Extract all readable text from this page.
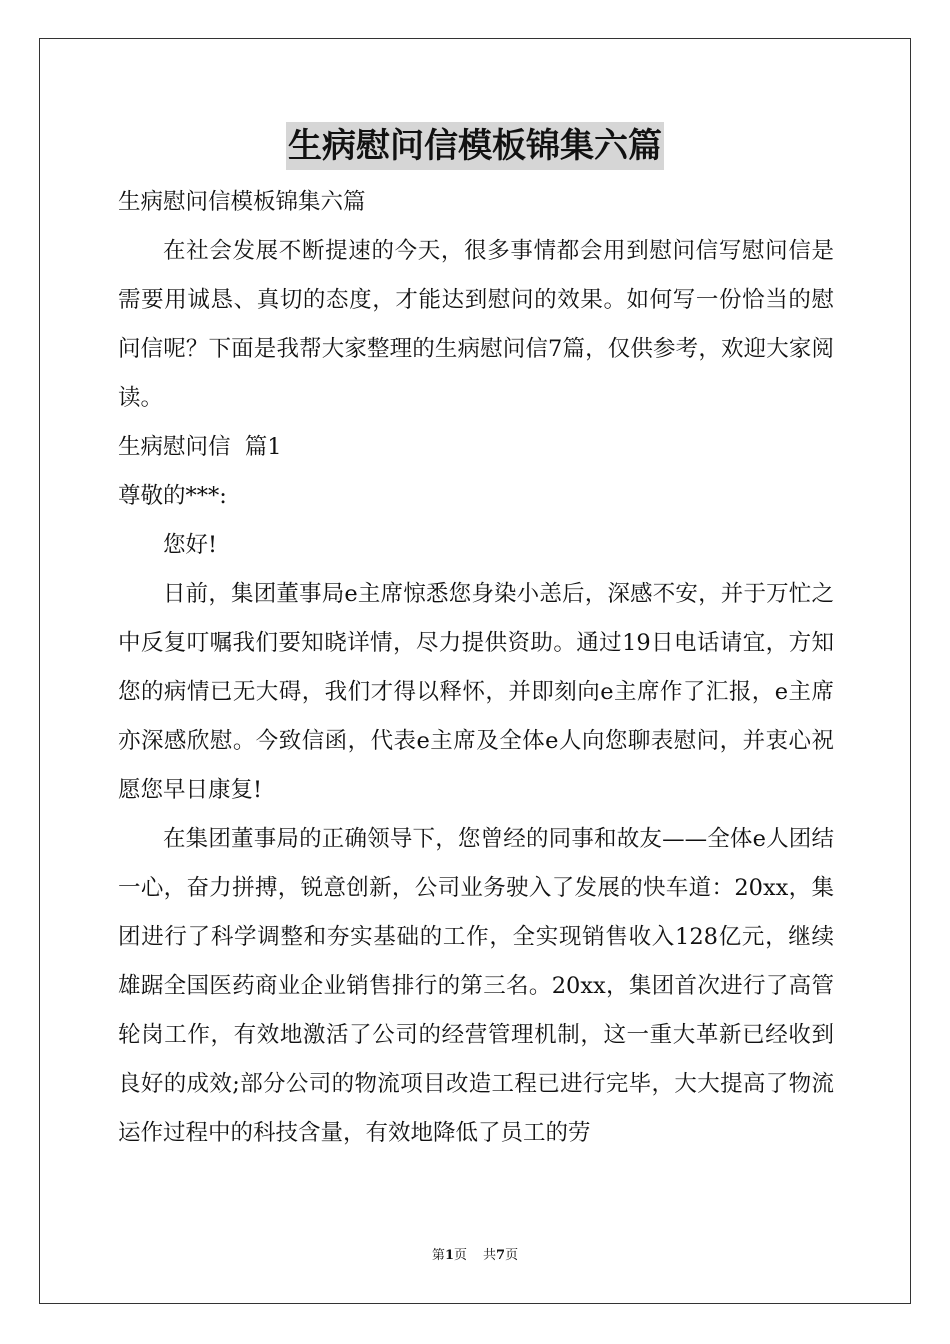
生病慰问信模板锦集六篇

生病慰问信模板锦集六篇

在社会发展不断提速的今天，很多事情都会用到慰问信写慰问信是需要用诚恳、真切的态度，才能达到慰问的效果。如何写一份恰当的慰问信呢？下面是我帮大家整理的生病慰问信7篇，仅供参考，欢迎大家阅读。

生病慰问信  篇1

尊敬的***:

您好!

日前，集团董事局e主席惊悉您身染小恙后，深感不安，并于万忙之中反复叮嘱我们要知晓详情，尽力提供资助。通过19日电话请宜，方知您的病情已无大碍，我们才得以释怀，并即刻向e主席作了汇报，e主席亦深感欣慰。今致信函，代表e主席及全体e人向您聊表慰问，并衷心祝愿您早日康复!

在集团董事局的正确领导下，您曾经的同事和故友——全体e人团结一心，奋力拼搏，锐意创新，公司业务驶入了发展的快车道：20xx，集团进行了科学调整和夯实基础的工作，全实现销售收入128亿元，继续雄踞全国医药商业企业销售排行的第三名。20xx，集团首次进行了高管轮岗工作，有效地激活了公司的经营管理机制，这一重大革新已经收到良好的成效;部分公司的物流项目改造工程已进行完毕，大大提高了物流运作过程中的科技含量，有效地降低了员工的劳

第1页 共7页
